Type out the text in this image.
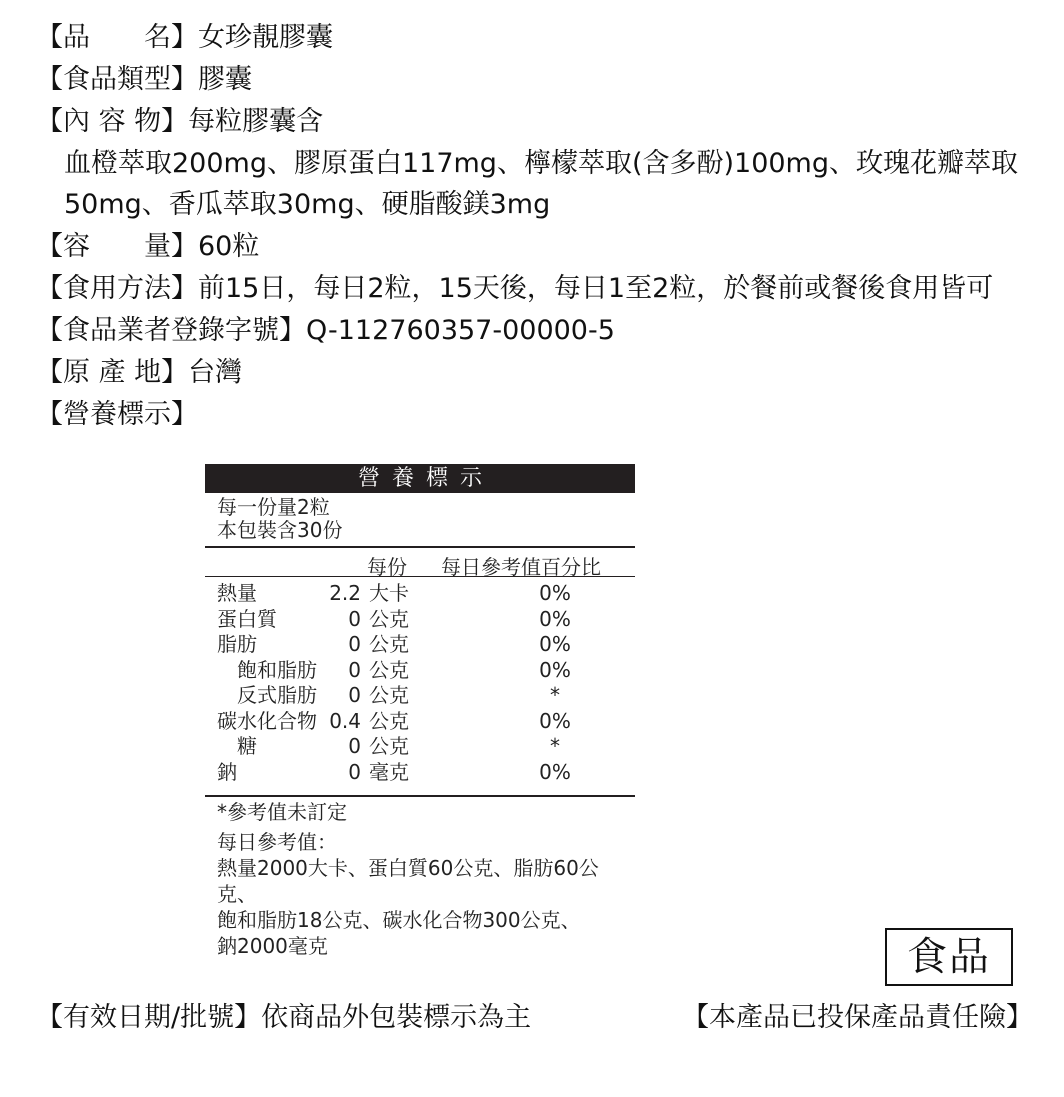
【品　　名】女珍靚膠囊
【食品類型】膠囊
【內 容 物】每粒膠囊含
血橙萃取200mg、膠原蛋白117mg、檸檬萃取(含多酚)100mg、玫瑰花瓣萃取
50mg、香瓜萃取30mg、硬脂酸鎂3mg
【容　　量】60粒
【食用方法】前15日，每日2粒，15天後，每日1至2粒，於餐前或餐後食用皆可
【食品業者登錄字號】Q-112760357-00000-5
【原 產 地】台灣
【營養標示】
營養標示
每一份量2粒
本包裝含30份
每份 每日參考值百分比
熱量	2.2 大卡	0%
蛋白質	0 公克	0%
脂肪	0 公克	0%
飽和脂肪 0 公克	0%
反式脂肪 0 公克	*
碳水化合物 0.4 公克	0%
糖	0 公克	*
鈉	0 毫克	0%
*參考值未訂定
每日參考值：
熱量2000大卡、蛋白質60公克、脂肪60公克、
飽和脂肪18公克、碳水化合物300公克、
鈉2000毫克	食品
【有效日期/批號】依商品外包裝標示為主	【本產品已投保產品責任險】
